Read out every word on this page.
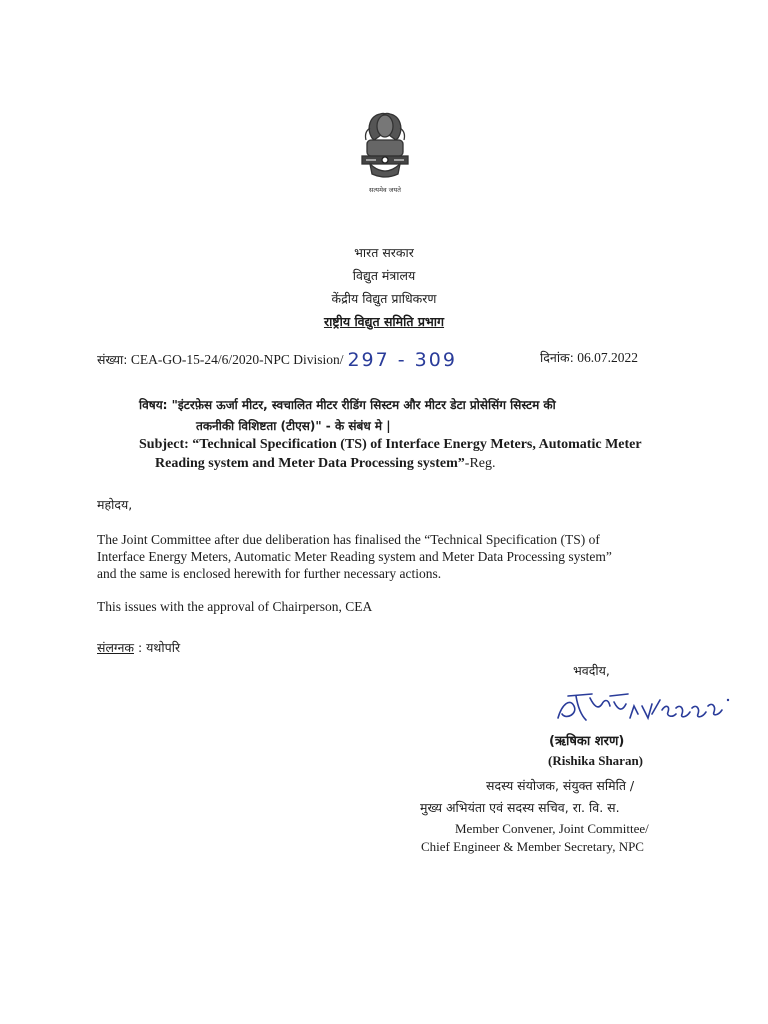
सत्यमेव जयते
भारत सरकार
विद्युत मंत्रालय
केंद्रीय विद्युत प्राधिकरण
राष्ट्रीय विद्युत समिति प्रभाग
संख्या: CEA-GO-15-24/6/2020-NPC Division/ 297 - 309	दिनांक: 06.07.2022
विषय: "इंटरफ़ेस ऊर्जा मीटर, स्वचालित मीटर रीडिंग सिस्टम और मीटर डेटा प्रोसेसिंग सिस्टम की
तकनीकी विशिष्टता (टीएस)" - के संबंध मे |
Subject: “Technical Specification (TS) of Interface Energy Meters, Automatic Meter
Reading system and Meter Data Processing system”-Reg.
महोदय,
The Joint Committee after due deliberation has finalised the “Technical Specification (TS) of
Interface Energy Meters, Automatic Meter Reading system and Meter Data Processing system”
and the same is enclosed herewith for further necessary actions.
This issues with the approval of Chairperson, CEA
संलग्नक : यथोपरि
भवदीय,
ऋषिका 6/7/2022.
(ऋषिका शरण)
(Rishika Sharan)
सदस्य संयोजक, संयुक्त समिति /
मुख्य अभियंता एवं सदस्य सचिव, रा. वि. स.
Member Convener, Joint Committee/
Chief Engineer & Member Secretary, NPC
